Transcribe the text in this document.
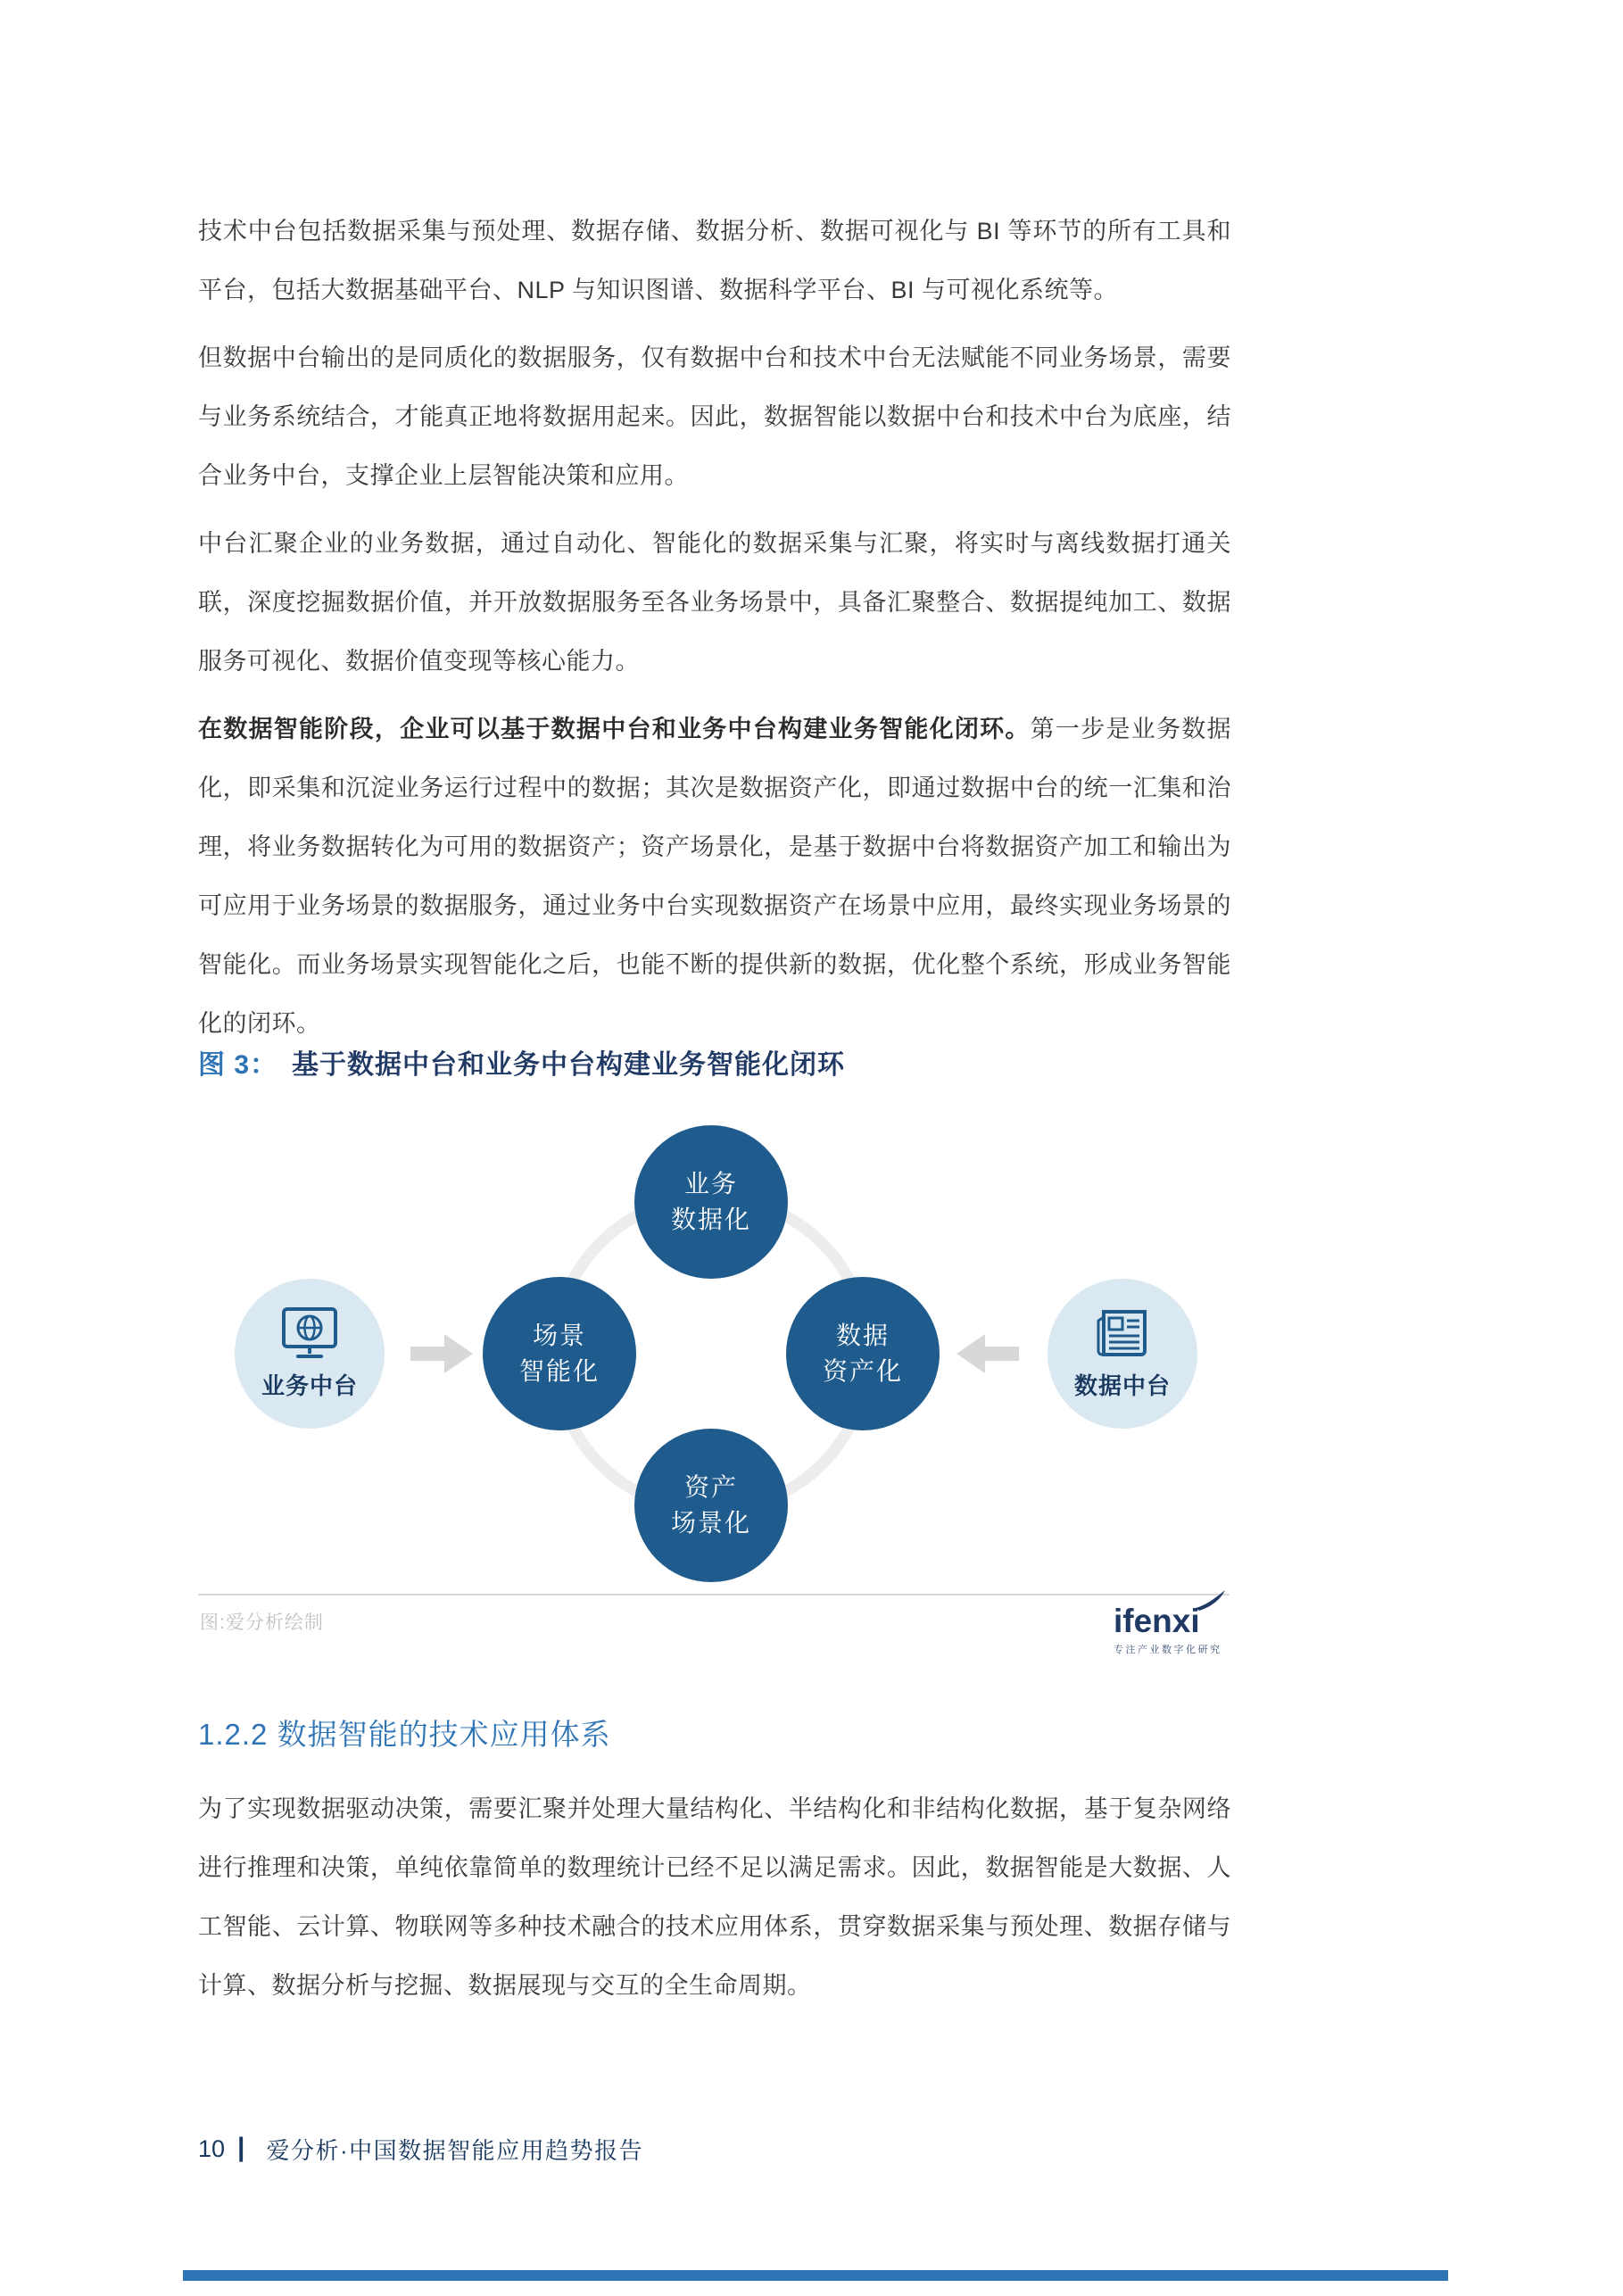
技术中台包括数据采集与预处理、数据存储、数据分析、数据可视化与 BI 等环节的所有工具和平台，包括大数据基础平台、NLP 与知识图谱、数据科学平台、BI 与可视化系统等。

但数据中台输出的是同质化的数据服务，仅有数据中台和技术中台无法赋能不同业务场景，需要与业务系统结合，才能真正地将数据用起来。因此，数据智能以数据中台和技术中台为底座，结合业务中台，支撑企业上层智能决策和应用。

中台汇聚企业的业务数据，通过自动化、智能化的数据采集与汇聚，将实时与离线数据打通关联，深度挖掘数据价值，并开放数据服务至各业务场景中，具备汇聚整合、数据提纯加工、数据服务可视化、数据价值变现等核心能力。

在数据智能阶段，企业可以基于数据中台和业务中台构建业务智能化闭环。第一步是业务数据化，即采集和沉淀业务运行过程中的数据；其次是数据资产化，即通过数据中台的统一汇集和治理，将业务数据转化为可用的数据资产；资产场景化，是基于数据中台将数据资产加工和输出为可应用于业务场景的数据服务，通过业务中台实现数据资产在场景中应用，最终实现业务场景的智能化。而业务场景实现智能化之后，也能不断的提供新的数据，优化整个系统，形成业务智能化的闭环。

图 3： 基于数据中台和业务中台构建业务智能化闭环
业务
数据化
数据
资产化
资产
场景化
场景
智能化
业务中台	数据中台
图:爱分析绘制	ifenxi
专注产业数字化研究
1.2.2 数据智能的技术应用体系

为了实现数据驱动决策，需要汇聚并处理大量结构化、半结构化和非结构化数据，基于复杂网络进行推理和决策，单纯依靠简单的数理统计已经不足以满足需求。因此，数据智能是大数据、人工智能、云计算、物联网等多种技术融合的技术应用体系，贯穿数据采集与预处理、数据存储与计算、数据分析与挖掘、数据展现与交互的全生命周期。

10 | 爱分析·中国数据智能应用趋势报告
